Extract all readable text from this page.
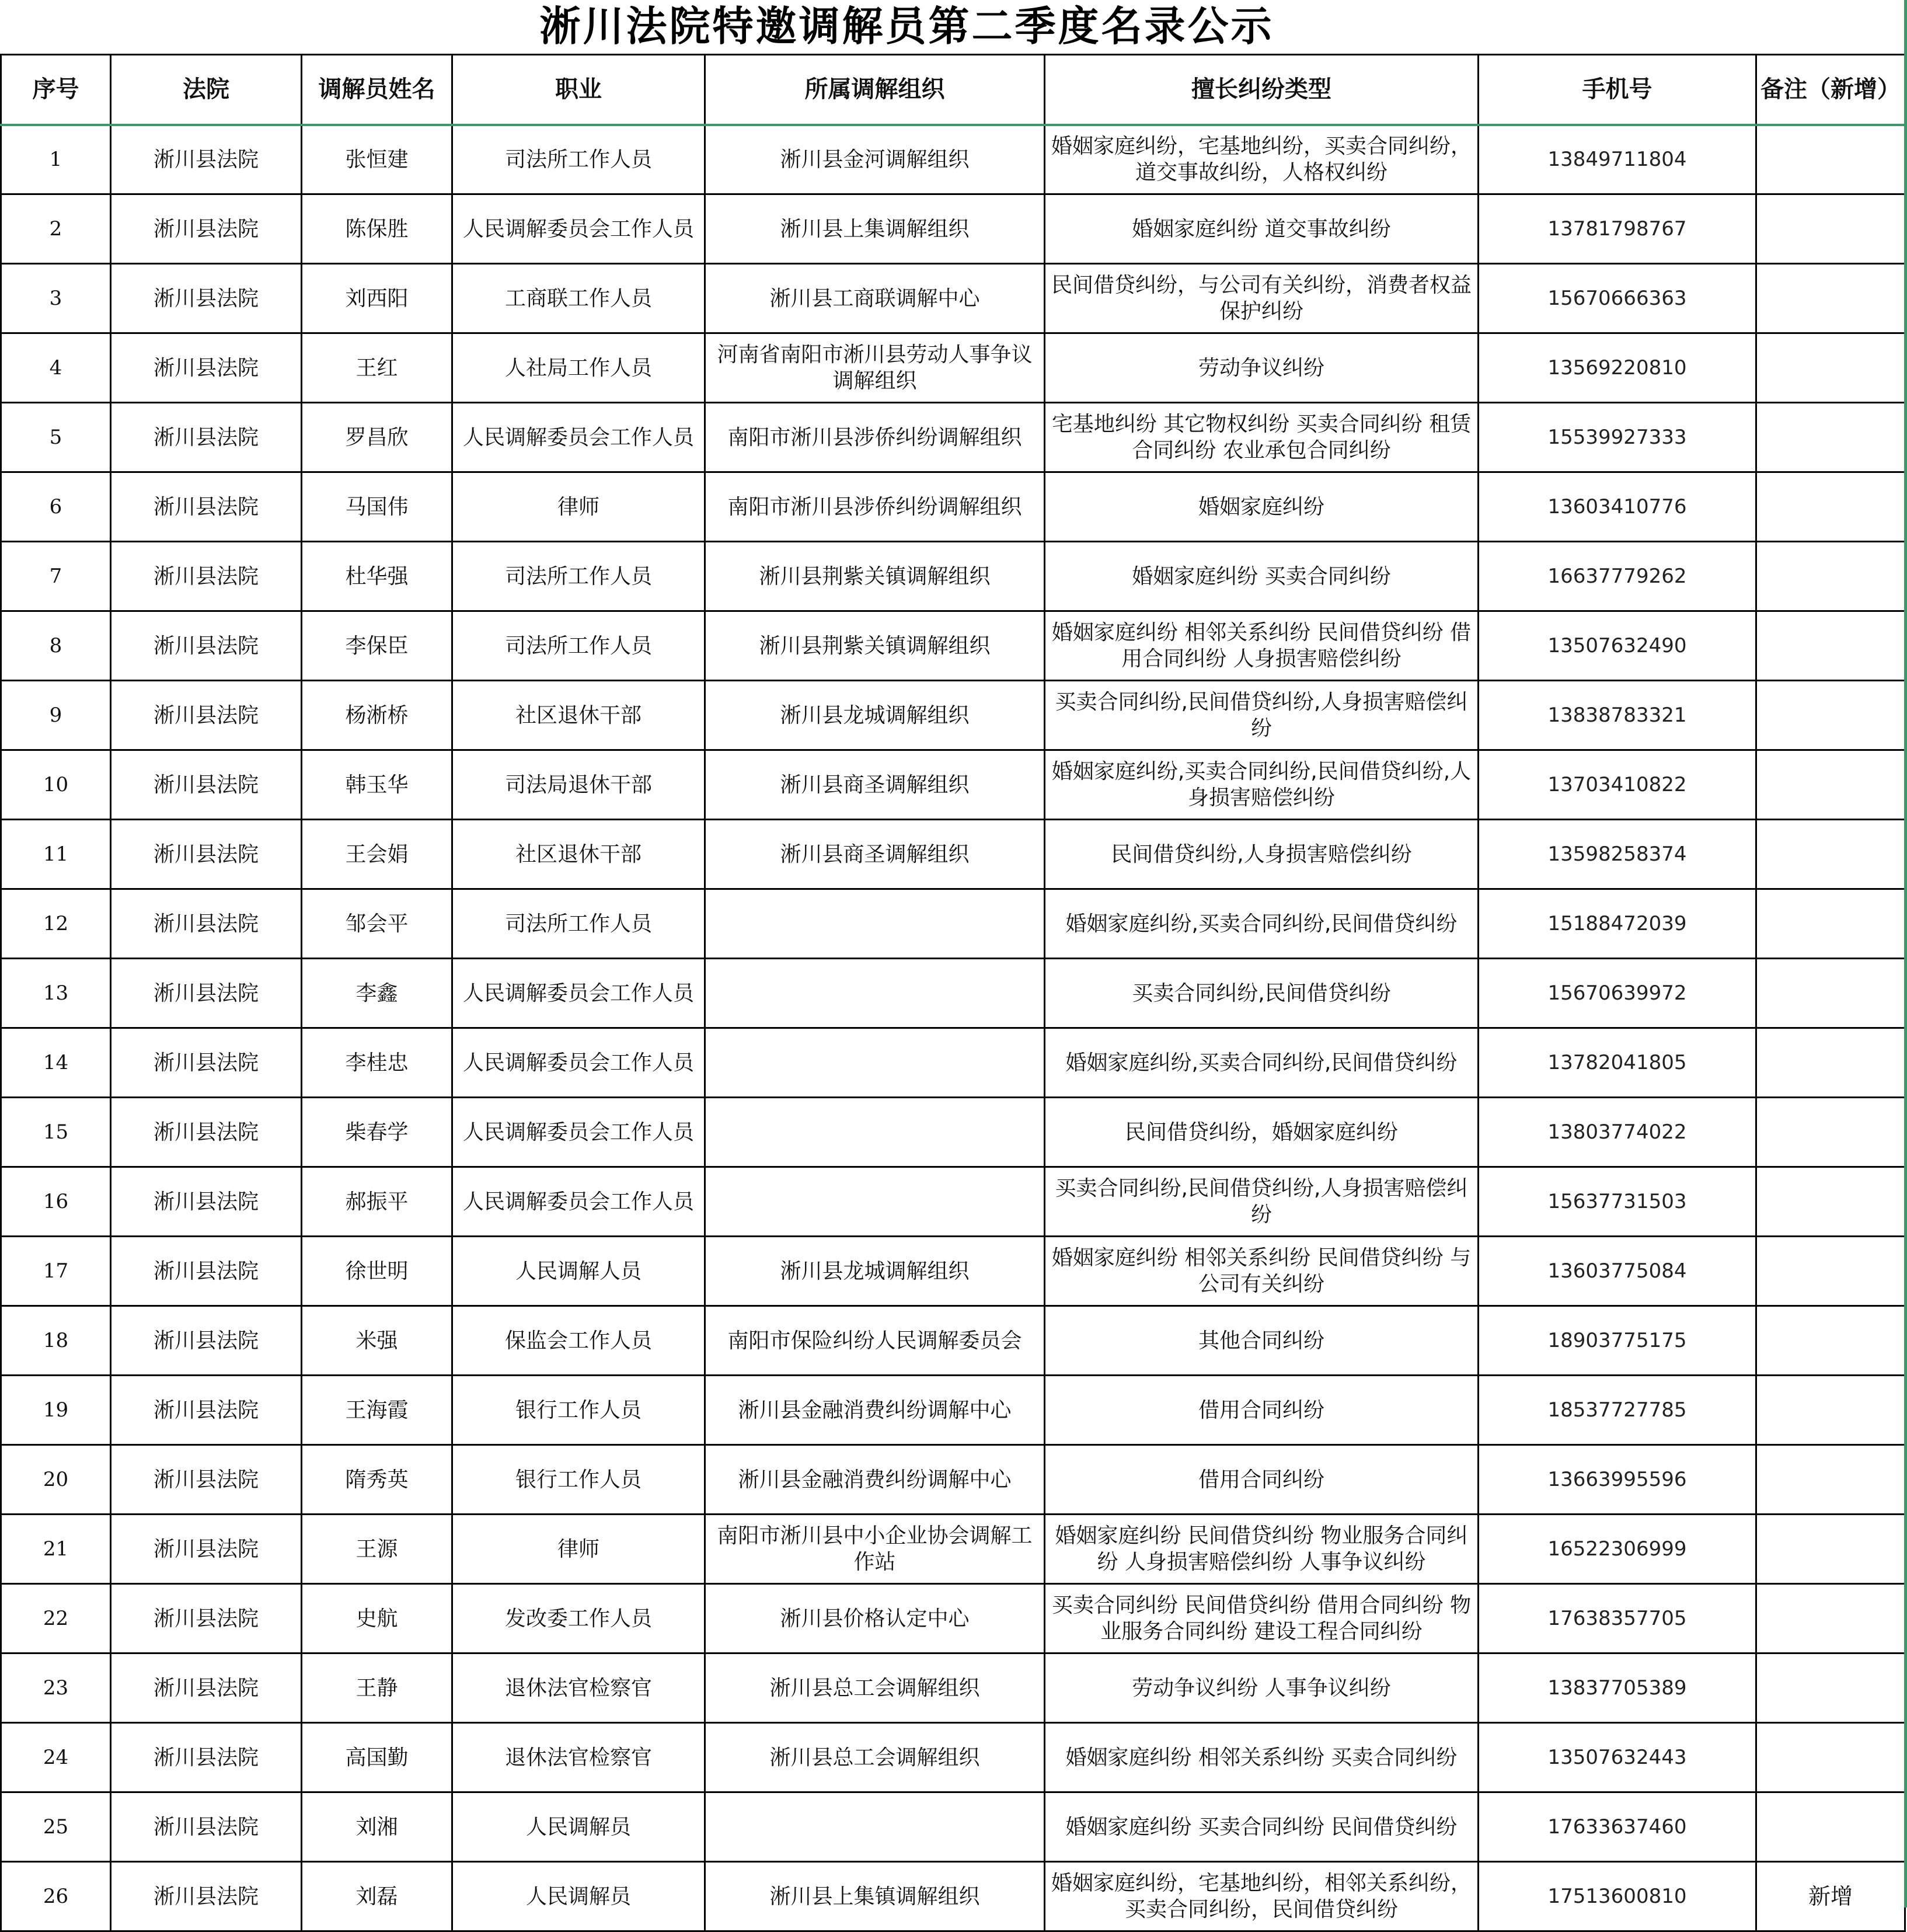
淅川法院特邀调解员第二季度名录公示
序号	法院	调解员姓名	职业	所属调解组织	擅长纠纷类型	手机号	备注（新增）
1	淅川县法院	张恒建	司法所工作人员	淅川县金河调解组织	婚姻家庭纠纷，宅基地纠纷，买卖合同纠纷，道交事故纠纷，人格权纠纷	13849711804	
2	淅川县法院	陈保胜	人民调解委员会工作人员	淅川县上集调解组织	婚姻家庭纠纷 道交事故纠纷	13781798767	
3	淅川县法院	刘西阳	工商联工作人员	淅川县工商联调解中心	民间借贷纠纷，与公司有关纠纷，消费者权益保护纠纷	15670666363	
4	淅川县法院	王红	人社局工作人员	河南省南阳市淅川县劳动人事争议调解组织	劳动争议纠纷	13569220810	
5	淅川县法院	罗昌欣	人民调解委员会工作人员	南阳市淅川县涉侨纠纷调解组织	宅基地纠纷 其它物权纠纷 买卖合同纠纷 租赁合同纠纷 农业承包合同纠纷	15539927333	
6	淅川县法院	马国伟	律师	南阳市淅川县涉侨纠纷调解组织	婚姻家庭纠纷	13603410776	
7	淅川县法院	杜华强	司法所工作人员	淅川县荆紫关镇调解组织	婚姻家庭纠纷 买卖合同纠纷	16637779262	
8	淅川县法院	李保臣	司法所工作人员	淅川县荆紫关镇调解组织	婚姻家庭纠纷 相邻关系纠纷 民间借贷纠纷 借用合同纠纷 人身损害赔偿纠纷	13507632490	
9	淅川县法院	杨淅桥	社区退休干部	淅川县龙城调解组织	买卖合同纠纷,民间借贷纠纷,人身损害赔偿纠纷	13838783321	
10	淅川县法院	韩玉华	司法局退休干部	淅川县商圣调解组织	婚姻家庭纠纷,买卖合同纠纷,民间借贷纠纷,人身损害赔偿纠纷	13703410822	
11	淅川县法院	王会娟	社区退休干部	淅川县商圣调解组织	民间借贷纠纷,人身损害赔偿纠纷	13598258374	
12	淅川县法院	邹会平	司法所工作人员		婚姻家庭纠纷,买卖合同纠纷,民间借贷纠纷	15188472039	
13	淅川县法院	李鑫	人民调解委员会工作人员		买卖合同纠纷,民间借贷纠纷	15670639972	
14	淅川县法院	李桂忠	人民调解委员会工作人员		婚姻家庭纠纷,买卖合同纠纷,民间借贷纠纷	13782041805	
15	淅川县法院	柴春学	人民调解委员会工作人员		民间借贷纠纷，婚姻家庭纠纷	13803774022	
16	淅川县法院	郝振平	人民调解委员会工作人员		买卖合同纠纷,民间借贷纠纷,人身损害赔偿纠纷	15637731503	
17	淅川县法院	徐世明	人民调解人员	淅川县龙城调解组织	婚姻家庭纠纷 相邻关系纠纷 民间借贷纠纷 与公司有关纠纷	13603775084	
18	淅川县法院	米强	保监会工作人员	南阳市保险纠纷人民调解委员会	其他合同纠纷	18903775175	
19	淅川县法院	王海霞	银行工作人员	淅川县金融消费纠纷调解中心	借用合同纠纷	18537727785	
20	淅川县法院	隋秀英	银行工作人员	淅川县金融消费纠纷调解中心	借用合同纠纷	13663995596	
21	淅川县法院	王源	律师	南阳市淅川县中小企业协会调解工作站	婚姻家庭纠纷 民间借贷纠纷 物业服务合同纠纷 人身损害赔偿纠纷 人事争议纠纷	16522306999	
22	淅川县法院	史航	发改委工作人员	淅川县价格认定中心	买卖合同纠纷 民间借贷纠纷 借用合同纠纷 物业服务合同纠纷 建设工程合同纠纷	17638357705	
23	淅川县法院	王静	退休法官检察官	淅川县总工会调解组织	劳动争议纠纷 人事争议纠纷	13837705389	
24	淅川县法院	高国勤	退休法官检察官	淅川县总工会调解组织	婚姻家庭纠纷 相邻关系纠纷 买卖合同纠纷	13507632443	
25	淅川县法院	刘湘	人民调解员		婚姻家庭纠纷 买卖合同纠纷 民间借贷纠纷	17633637460	
26	淅川县法院	刘磊	人民调解员	淅川县上集镇调解组织	婚姻家庭纠纷，宅基地纠纷，相邻关系纠纷，买卖合同纠纷，民间借贷纠纷	17513600810	新增
